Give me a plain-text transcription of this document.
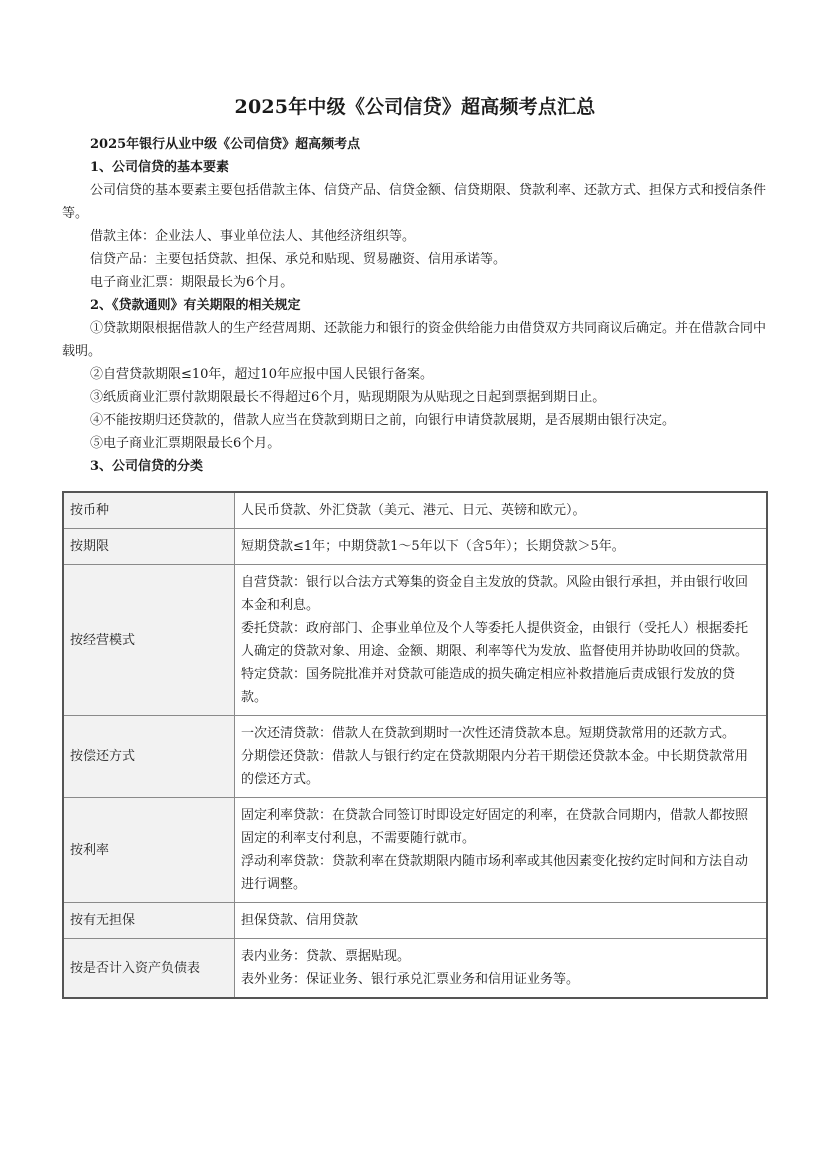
2025年中级《公司信贷》超高频考点汇总

2025年银行从业中级《公司信贷》超高频考点

1、公司信贷的基本要素

公司信贷的基本要素主要包括借款主体、信贷产品、信贷金额、信贷期限、贷款利率、还款方式、担保方式和授信条件等。

借款主体：企业法人、事业单位法人、其他经济组织等。

信贷产品：主要包括贷款、担保、承兑和贴现、贸易融资、信用承诺等。

电子商业汇票：期限最长为6个月。

2、《贷款通则》有关期限的相关规定

①贷款期限根据借款人的生产经营周期、还款能力和银行的资金供给能力由借贷双方共同商议后确定。并在借款合同中载明。

②自营贷款期限≤10年，超过10年应报中国人民银行备案。

③纸质商业汇票付款期限最长不得超过6个月，贴现期限为从贴现之日起到票据到期日止。

④不能按期归还贷款的，借款人应当在贷款到期日之前，向银行申请贷款展期，是否展期由银行决定。

⑤电子商业汇票期限最长6个月。

3、公司信贷的分类

按币种	人民币贷款、外汇贷款（美元、港元、日元、英镑和欧元）。

按期限	短期贷款≤1年；中期贷款1～5年以下（含5年）；长期贷款＞5年。

按经营模式	自营贷款：银行以合法方式筹集的资金自主发放的贷款。风险由银行承担，并由银行收回本金和利息。
委托贷款：政府部门、企事业单位及个人等委托人提供资金，由银行（受托人）根据委托人确定的贷款对象、用途、金额、期限、利率等代为发放、监督使用并协助收回的贷款。
特定贷款：国务院批准并对贷款可能造成的损失确定相应补救措施后责成银行发放的贷款。

按偿还方式	一次还清贷款：借款人在贷款到期时一次性还清贷款本息。短期贷款常用的还款方式。
分期偿还贷款：借款人与银行约定在贷款期限内分若干期偿还贷款本金。中长期贷款常用的偿还方式。

按利率	固定利率贷款：在贷款合同签订时即设定好固定的利率，在贷款合同期内，借款人都按照固定的利率支付利息，不需要随行就市。
浮动利率贷款：贷款利率在贷款期限内随市场利率或其他因素变化按约定时间和方法自动进行调整。

按有无担保	担保贷款、信用贷款

按是否计入资产负债表	表内业务：贷款、票据贴现。
表外业务：保证业务、银行承兑汇票业务和信用证业务等。
